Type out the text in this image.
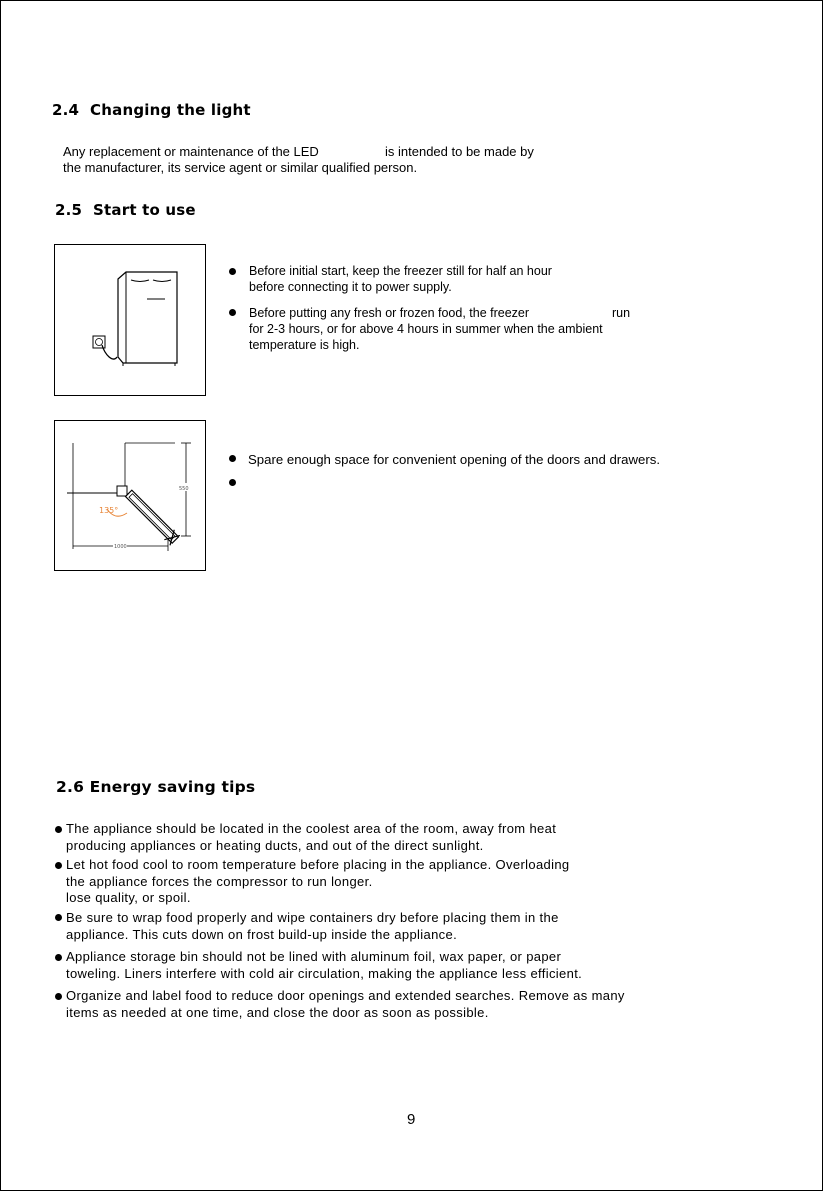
2.4 Changing the light
Any replacement or maintenance of the LED	is intended to be made by
the manufacturer, its service agent or similar qualified person.
2.5 Start to use
Before initial start, keep the freezer still for half an hour
before connecting it to power supply.
Before putting any fresh or frozen food, the freezer	run
for 2-3 hours, or for above 4 hours in summer when the ambient
temperature is high.
550
1000
135°
Spare enough space for convenient opening of the doors and drawers.
2.6 Energy saving tips
The appliance should be located in the coolest area of the room, away from heat
producing appliances or heating ducts, and out of the direct sunlight.
Let hot food cool to room temperature before placing in the appliance. Overloading
the appliance forces the compressor to run longer.
lose quality, or spoil.
Be sure to wrap food properly and wipe containers dry before placing them in the
appliance. This cuts down on frost build-up inside the appliance.
Appliance storage bin should not be lined with aluminum foil, wax paper, or paper
toweling. Liners interfere with cold air circulation, making the appliance less efficient.
Organize and label food to reduce door openings and extended searches. Remove as many
items as needed at one time, and close the door as soon as possible.
9
